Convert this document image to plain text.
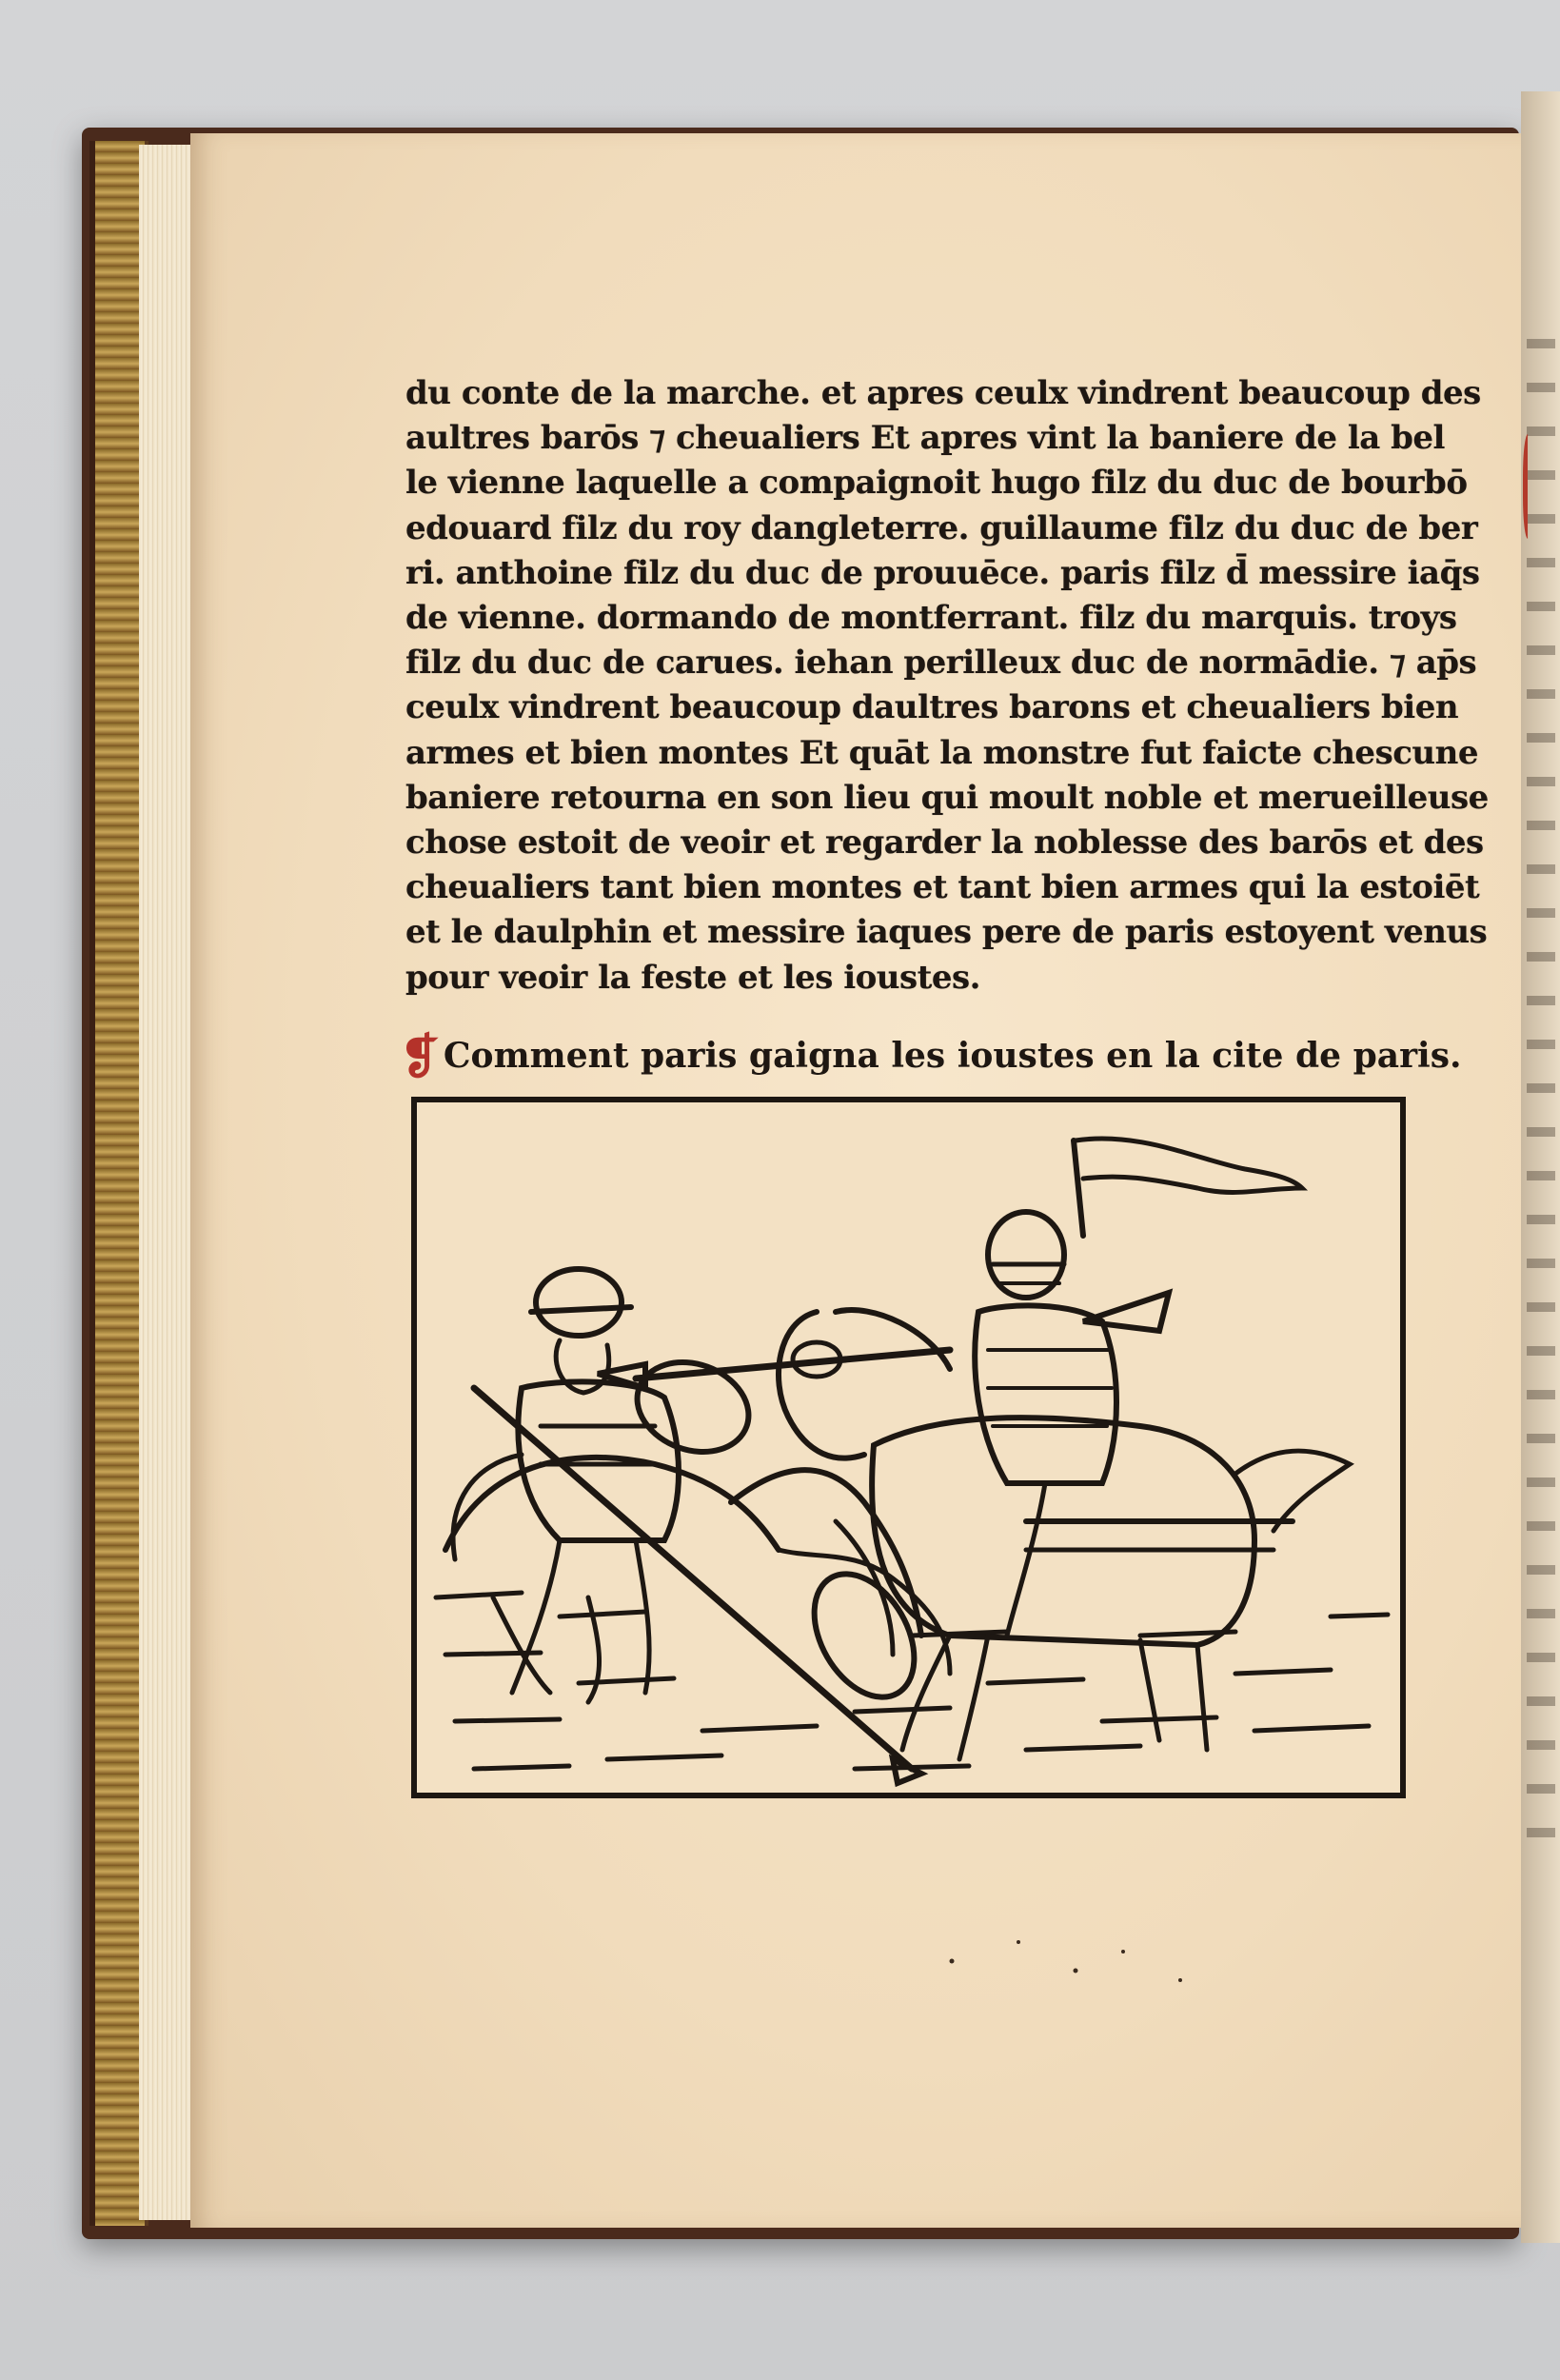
du conte de la marche. et apres ceulx vindrent beaucoup des
aultres barōs ⁊ cheualiers Et apres vint la baniere de la bel
le vienne laquelle a compaignoit hugo filz du duc de bourbō
edouard filz du roy dangleterre. guillaume filz du duc de ber
ri. anthoine filz du duc de prouuēce. paris filz d̄ messire iaq̄s
de vienne. dormando de montferrant. filz du marquis. troys
filz du duc de carues. iehan perilleux duc de normādie. ⁊ ap̄s
ceulx vindrent beaucoup daultres barons et cheualiers bien
armes et bien montes Et quāt la monstre fut faicte chescune
baniere retourna en son lieu qui moult noble et merueilleuse
chose estoit de veoir et regarder la noblesse des barōs et des
cheualiers tant bien montes et tant bien armes qui la estoiēt
et le daulphin et messire iaques pere de paris estoyent venus
pour veoir la feste et les ioustes.
❡ Comment paris gaigna les ioustes en la cite de paris.
